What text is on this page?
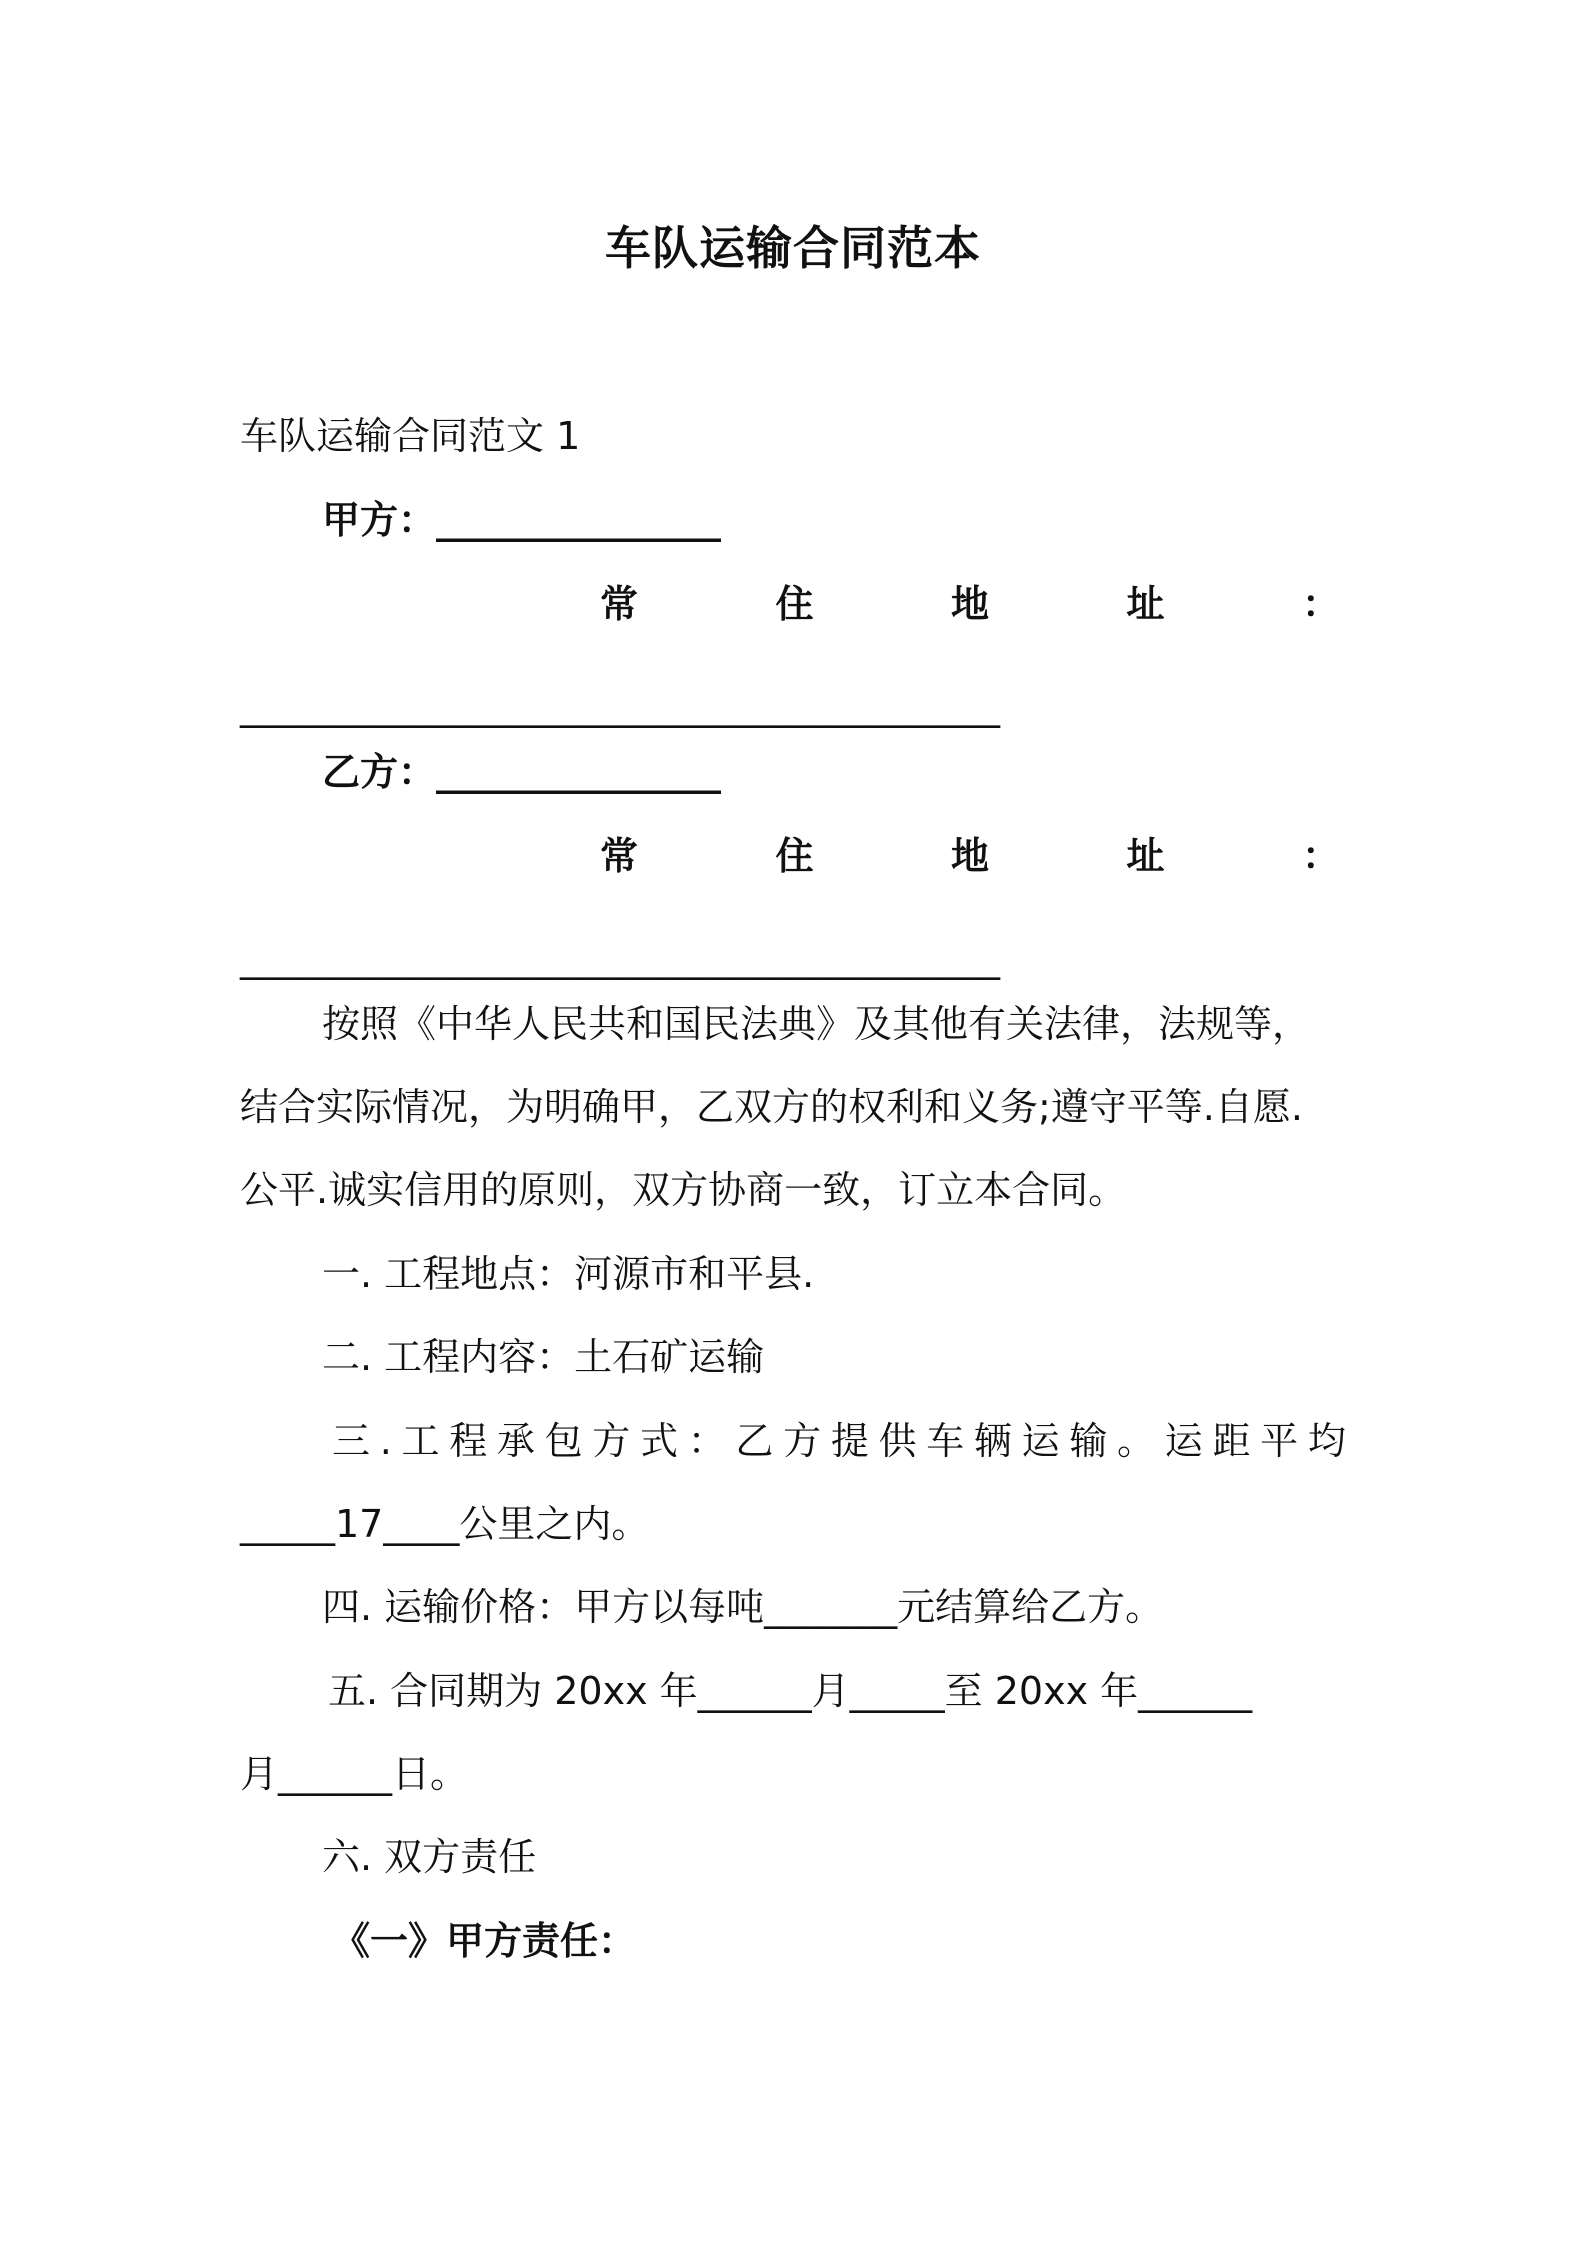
车队运输合同范本
车队运输合同范文 1
甲方：_______________
常	住	地	址	：
________________________________________
乙方：_______________
常	住	地	址	：
________________________________________
按照《中华人民共和国民法典》及其他有关法律，法规等，
结合实际情况，为明确甲，乙双方的权利和义务;遵守平等.自愿.
公平.诚实信用的原则，双方协商一致，订立本合同。
一. 工程地点：河源市和平县.
二. 工程内容：土石矿运输
三 . 工 程 承 包 方 式 ： 乙 方 提 供 车 辆 运 输 。 运 距 平 均
_____17____公里之内。
四. 运输价格：甲方以每吨_______元结算给乙方。
五. 合同期为 20xx 年______月_____至 20xx 年______
月______日。
六. 双方责任
《一》甲方责任：
